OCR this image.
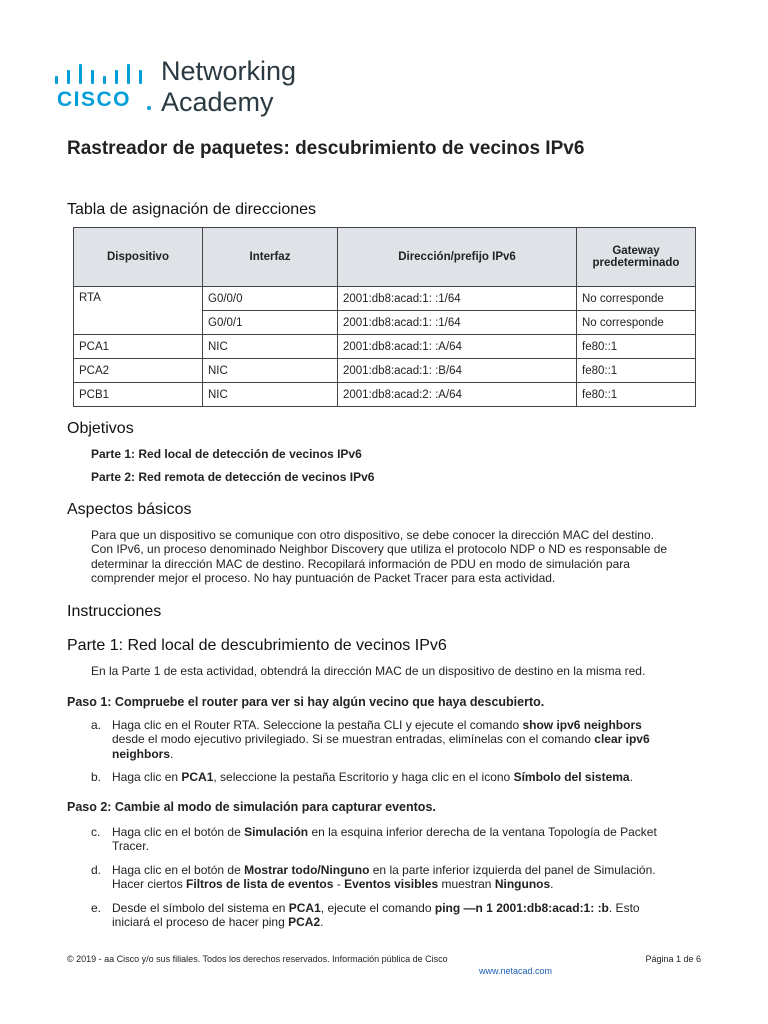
CISCO
Networking
Academy
Rastreador de paquetes: descubrimiento de vecinos IPv6
Tabla de asignación de direcciones
Dispositivo	Interfaz	Dirección/prefijo IPv6	Gateway predeterminado
RTA	G0/0/0	2001:db8:acad:1: :1/64	No corresponde
	G0/0/1	2001:db8:acad:1: :1/64	No corresponde
PCA1	NIC	2001:db8:acad:1: :A/64	fe80::1
PCA2	NIC	2001:db8:acad:1: :B/64	fe80::1
PCB1	NIC	2001:db8:acad:2: :A/64	fe80::1
Objetivos
Parte 1: Red local de detección de vecinos IPv6
Parte 2: Red remota de detección de vecinos IPv6
Aspectos básicos
Para que un dispositivo se comunique con otro dispositivo, se debe conocer la dirección MAC del destino.
Con IPv6, un proceso denominado Neighbor Discovery que utiliza el protocolo NDP o ND es responsable de
determinar la dirección MAC de destino. Recopilará información de PDU en modo de simulación para
comprender mejor el proceso. No hay puntuación de Packet Tracer para esta actividad.
Instrucciones
Parte 1: Red local de descubrimiento de vecinos IPv6
En la Parte 1 de esta actividad, obtendrá la dirección MAC de un dispositivo de destino en la misma red.
Paso 1: Compruebe el router para ver si hay algún vecino que haya descubierto.
a. Haga clic en el Router RTA. Seleccione la pestaña CLI y ejecute el comando show ipv6 neighbors
desde el modo ejecutivo privilegiado. Si se muestran entradas, elimínelas con el comando clear ipv6
neighbors.
b. Haga clic en PCA1, seleccione la pestaña Escritorio y haga clic en el icono Símbolo del sistema.
Paso 2: Cambie al modo de simulación para capturar eventos.
c. Haga clic en el botón de Simulación en la esquina inferior derecha de la ventana Topología de Packet
Tracer.
d. Haga clic en el botón de Mostrar todo/Ninguno en la parte inferior izquierda del panel de Simulación.
Hacer ciertos Filtros de lista de eventos - Eventos visibles muestran Ningunos.
e. Desde el símbolo del sistema en PCA1, ejecute el comando ping —n 1 2001:db8:acad:1: :b. Esto
iniciará el proceso de hacer ping PCA2.
© 2019 - aa Cisco y/o sus filiales. Todos los derechos reservados. Información pública de Cisco	Página 1 de 6
www.netacad.com
